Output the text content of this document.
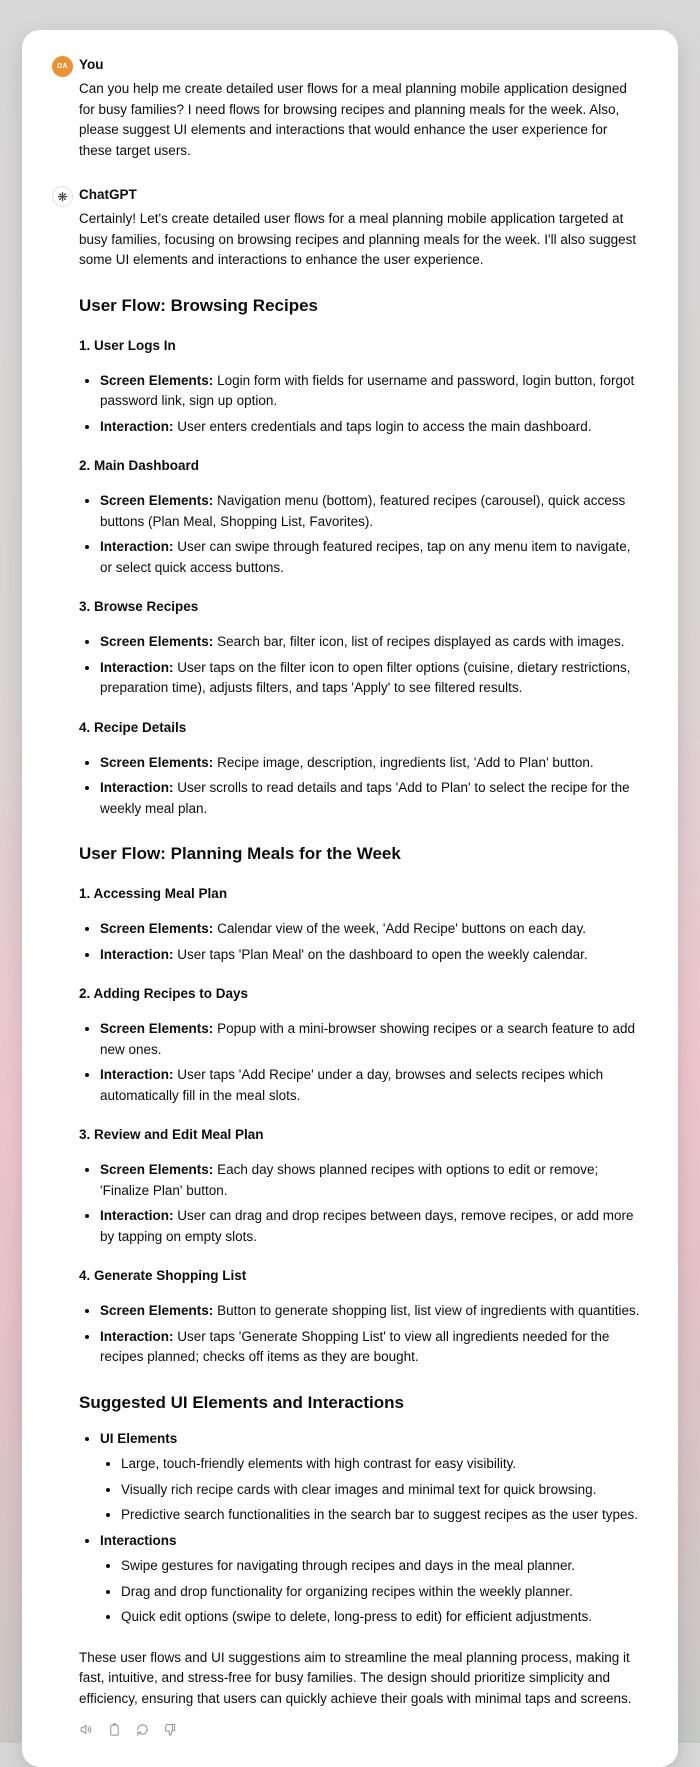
DA You

Can you help me create detailed user flows for a meal planning mobile application designed for busy families? I need flows for browsing recipes and planning meals for the week. Also, please suggest UI elements and interactions that would enhance the user experience for these target users.

❋ ChatGPT

Certainly! Let's create detailed user flows for a meal planning mobile application targeted at busy families, focusing on browsing recipes and planning meals for the week. I'll also suggest some UI elements and interactions to enhance the user experience.

User Flow: Browsing Recipes
1. User Logs In
• Screen Elements: Login form with fields for username and password, login button, forgot password link, sign up option.
• Interaction: User enters credentials and taps login to access the main dashboard.
2. Main Dashboard
• Screen Elements: Navigation menu (bottom), featured recipes (carousel), quick access buttons (Plan Meal, Shopping List, Favorites).
• Interaction: User can swipe through featured recipes, tap on any menu item to navigate, or select quick access buttons.
3. Browse Recipes
• Screen Elements: Search bar, filter icon, list of recipes displayed as cards with images.
• Interaction: User taps on the filter icon to open filter options (cuisine, dietary restrictions, preparation time), adjusts filters, and taps 'Apply' to see filtered results.
4. Recipe Details
• Screen Elements: Recipe image, description, ingredients list, 'Add to Plan' button.
• Interaction: User scrolls to read details and taps 'Add to Plan' to select the recipe for the weekly meal plan.
User Flow: Planning Meals for the Week
1. Accessing Meal Plan
• Screen Elements: Calendar view of the week, 'Add Recipe' buttons on each day.
• Interaction: User taps 'Plan Meal' on the dashboard to open the weekly calendar.
2. Adding Recipes to Days
• Screen Elements: Popup with a mini-browser showing recipes or a search feature to add new ones.
• Interaction: User taps 'Add Recipe' under a day, browses and selects recipes which automatically fill in the meal slots.
3. Review and Edit Meal Plan
• Screen Elements: Each day shows planned recipes with options to edit or remove; 'Finalize Plan' button.
• Interaction: User can drag and drop recipes between days, remove recipes, or add more by tapping on empty slots.
4. Generate Shopping List
• Screen Elements: Button to generate shopping list, list view of ingredients with quantities.
• Interaction: User taps 'Generate Shopping List' to view all ingredients needed for the recipes planned; checks off items as they are bought.
Suggested UI Elements and Interactions
• UI Elements
• Large, touch-friendly elements with high contrast for easy visibility.
• Visually rich recipe cards with clear images and minimal text for quick browsing.
• Predictive search functionalities in the search bar to suggest recipes as the user types.
• Interactions
• Swipe gestures for navigating through recipes and days in the meal planner.
• Drag and drop functionality for organizing recipes within the weekly planner.
• Quick edit options (swipe to delete, long-press to edit) for efficient adjustments.

These user flows and UI suggestions aim to streamline the meal planning process, making it fast, intuitive, and stress-free for busy families. The design should prioritize simplicity and efficiency, ensuring that users can quickly achieve their goals with minimal taps and screens.
